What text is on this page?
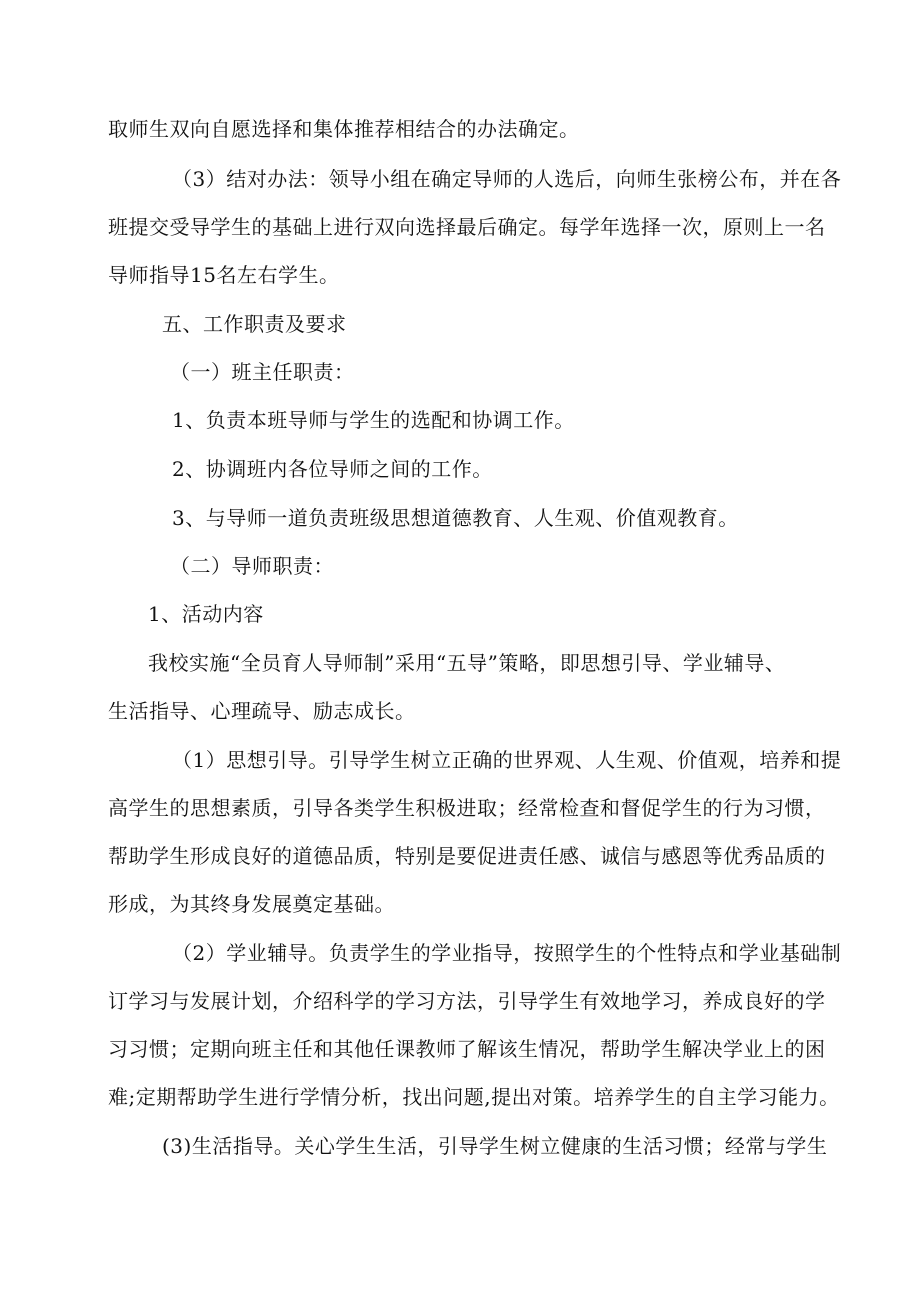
取师生双向自愿选择和集体推荐相结合的办法确定。
（3）结对办法：领导小组在确定导师的人选后，向师生张榜公布，并在各
班提交受导学生的基础上进行双向选择最后确定。每学年选择一次，原则上一名
导师指导15名左右学生。
五、工作职责及要求
（一）班主任职责：
1、负责本班导师与学生的选配和协调工作。
2、协调班内各位导师之间的工作。
3、与导师一道负责班级思想道德教育、人生观、价值观教育。
（二）导师职责：
1、活动内容
我校实施“全员育人导师制”采用“五导”策略，即思想引导、学业辅导、
生活指导、心理疏导、励志成长。
（1）思想引导。引导学生树立正确的世界观、人生观、价值观，培养和提
高学生的思想素质，引导各类学生积极进取；经常检查和督促学生的行为习惯，
帮助学生形成良好的道德品质，特别是要促进责任感、诚信与感恩等优秀品质的
形成，为其终身发展奠定基础。
（2）学业辅导。负责学生的学业指导，按照学生的个性特点和学业基础制
订学习与发展计划，介绍科学的学习方法，引导学生有效地学习，养成良好的学
习习惯；定期向班主任和其他任课教师了解该生情况，帮助学生解决学业上的困
难;定期帮助学生进行学情分析，找出问题,提出对策。培养学生的自主学习能力。
(3)生活指导。关心学生生活，引导学生树立健康的生活习惯；经常与学生
